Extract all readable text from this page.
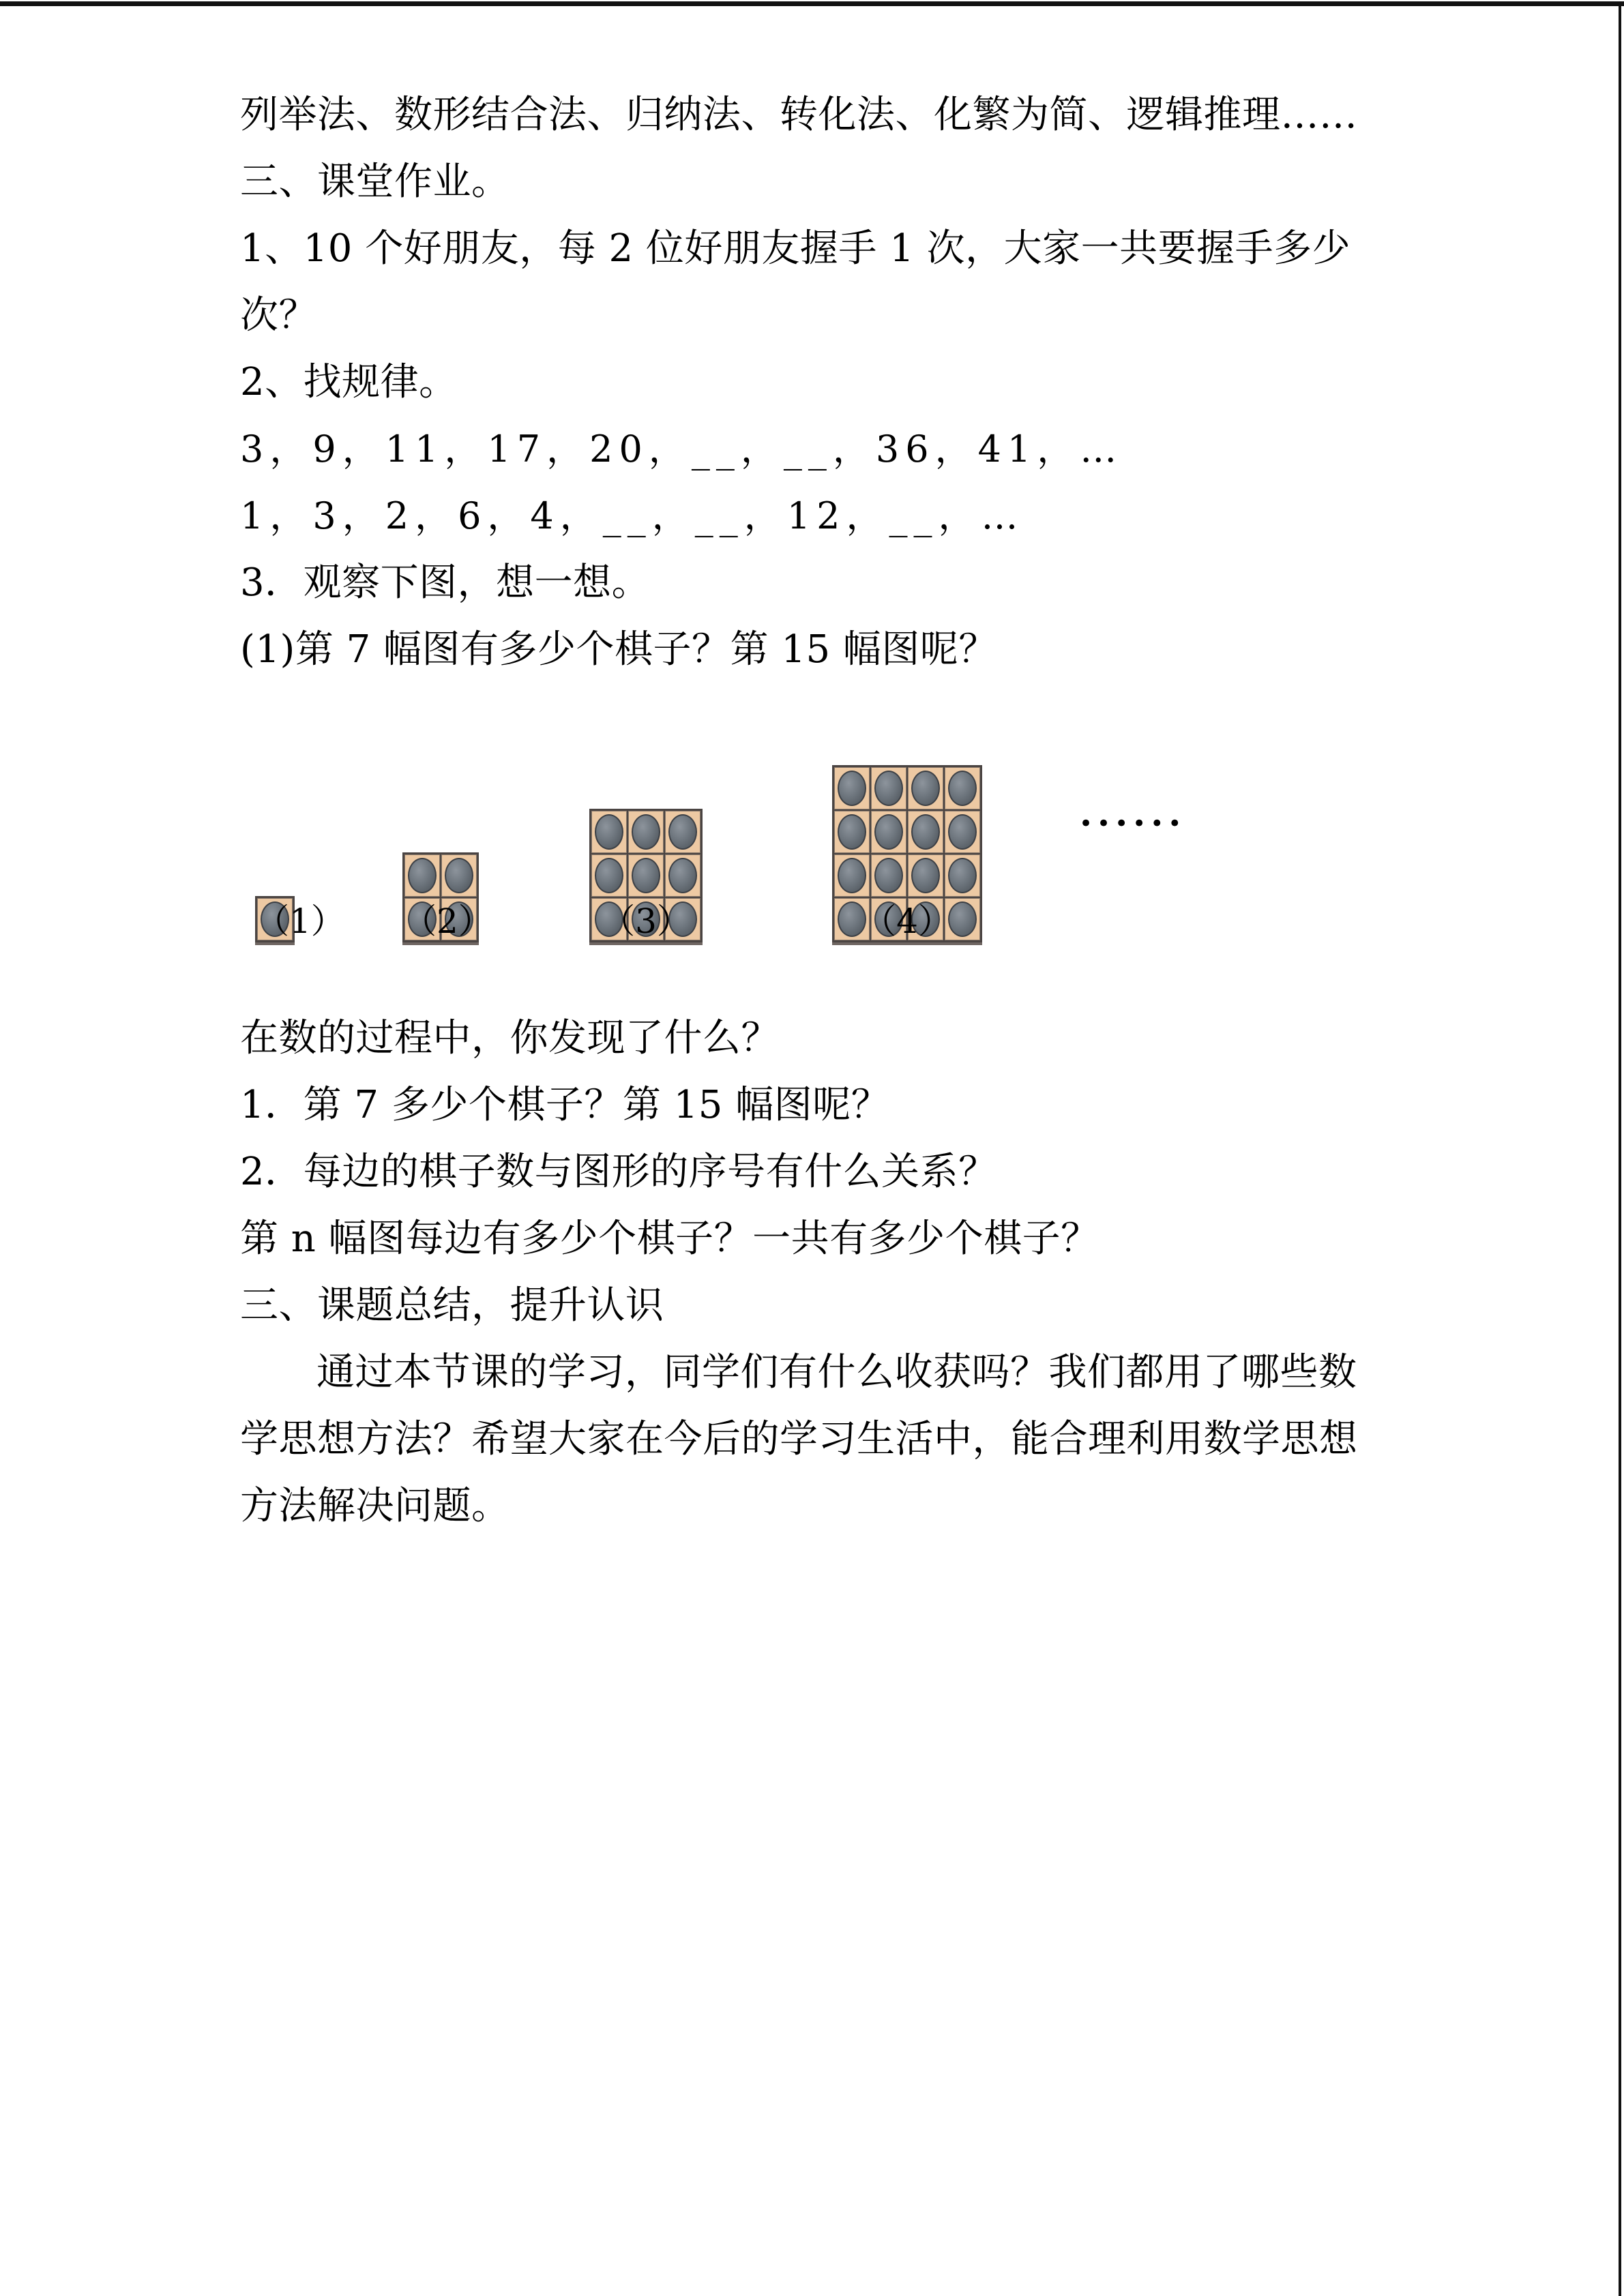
列举法、数形结合法、归纳法、转化法、化繁为简、逻辑推理……
三、课堂作业。
1、10 个好朋友，每 2 位好朋友握手 1 次，大家一共要握手多少
次？
2、找规律。
3，9，11，17，20，__，__，36，41，…
1，3，2，6，4，__，__，12，__，…
3．观察下图，想一想。
(1)第 7 幅图有多少个棋子？第 15 幅图呢？
（1） （2）	（3）	（4）
••••••
在数的过程中，你发现了什么？
1．第 7 多少个棋子？第 15 幅图呢？
2．每边的棋子数与图形的序号有什么关系？
第 n 幅图每边有多少个棋子？一共有多少个棋子？
三、课题总结，提升认识
通过本节课的学习，同学们有什么收获吗？我们都用了哪些数
学思想方法？希望大家在今后的学习生活中，能合理利用数学思想
方法解决问题。
